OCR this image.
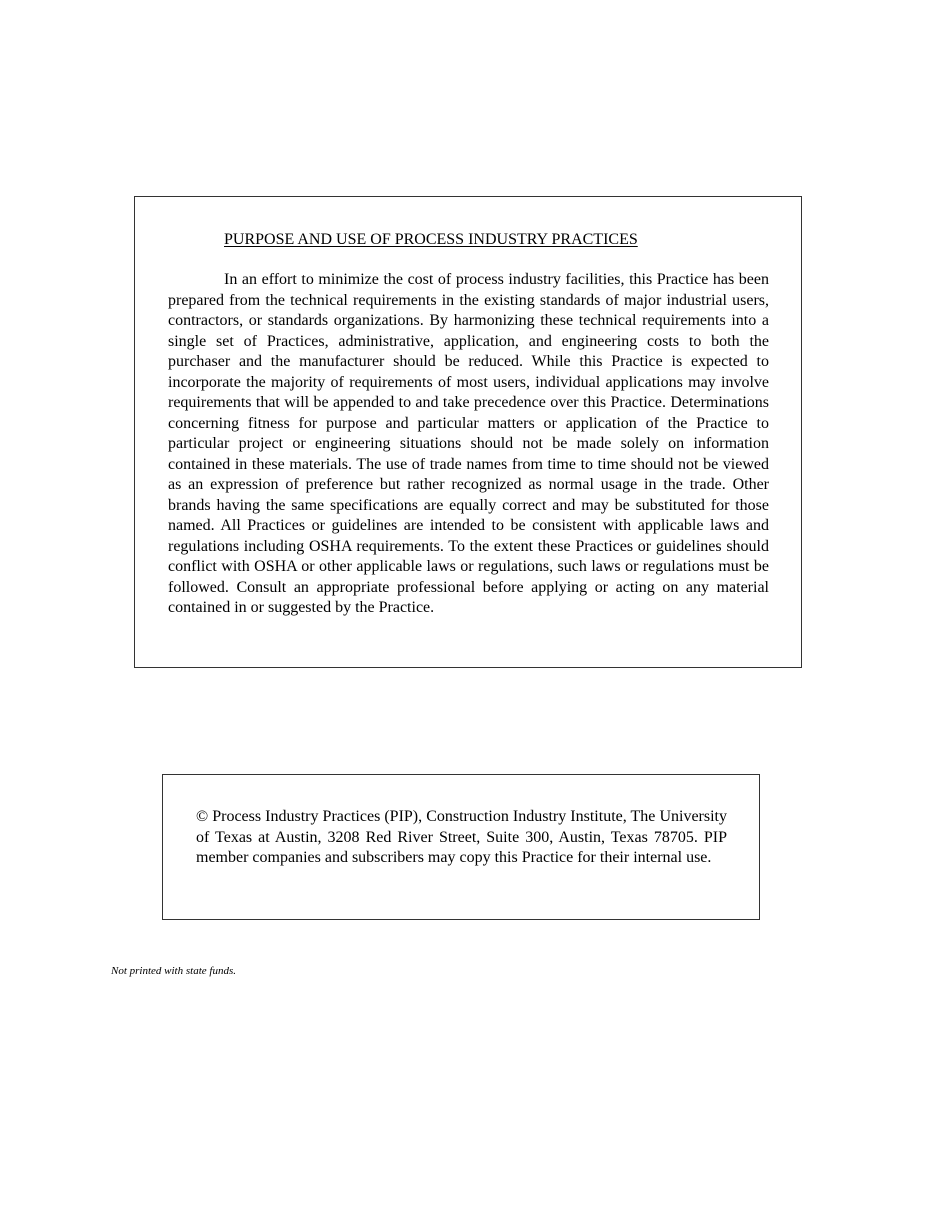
PURPOSE AND USE OF PROCESS INDUSTRY PRACTICES

In an effort to minimize the cost of process industry facilities, this Practice has been prepared from the technical requirements in the existing standards of major industrial users, contractors, or standards organizations. By harmonizing these technical requirements into a single set of Practices, administrative, application, and engineering costs to both the purchaser and the manufacturer should be reduced. While this Practice is expected to incorporate the majority of requirements of most users, individual applications may involve requirements that will be appended to and take precedence over this Practice. Determinations concerning fitness for purpose and particular matters or application of the Practice to particular project or engineering situations should not be made solely on information contained in these materials. The use of trade names from time to time should not be viewed as an expression of preference but rather recognized as normal usage in the trade. Other brands having the same specifications are equally correct and may be substituted for those named. All Practices or guidelines are intended to be consistent with applicable laws and regulations including OSHA requirements. To the extent these Practices or guidelines should conflict with OSHA or other applicable laws or regulations, such laws or regulations must be followed. Consult an appropriate professional before applying or acting on any material contained in or suggested by the Practice.

© Process Industry Practices (PIP), Construction Industry Institute, The University of Texas at Austin, 3208 Red River Street, Suite 300, Austin, Texas 78705. PIP member companies and subscribers may copy this Practice for their internal use.

Not printed with state funds.
